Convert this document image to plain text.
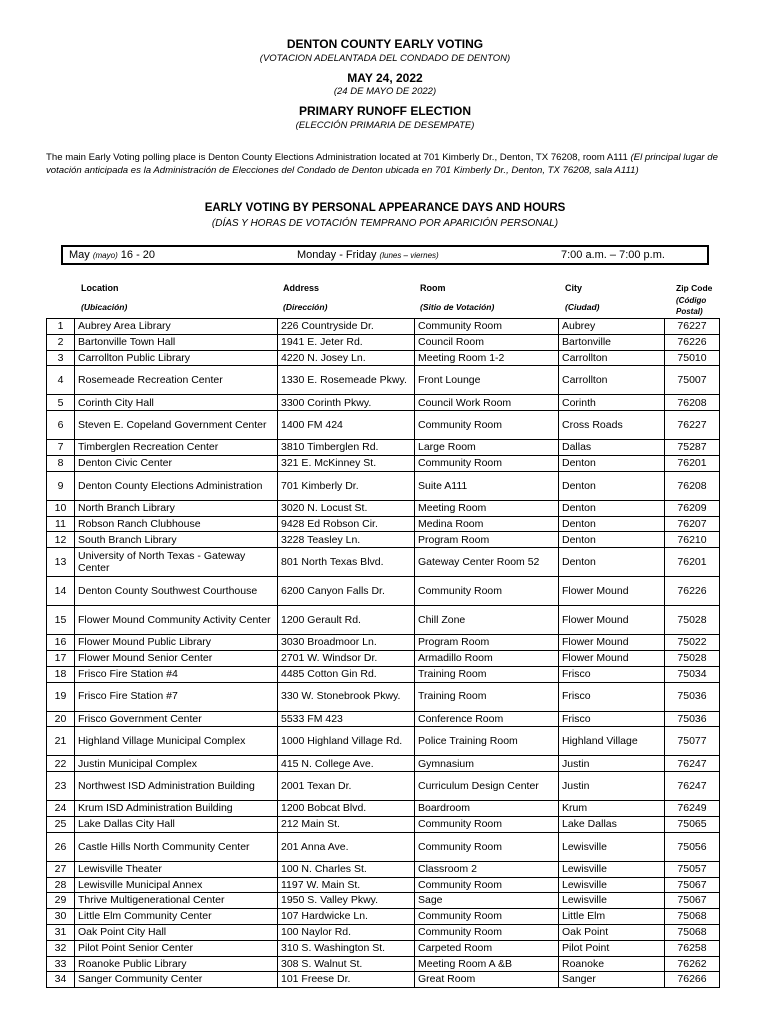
DENTON COUNTY EARLY VOTING
(VOTACION ADELANTADA DEL CONDADO DE DENTON)
MAY 24, 2022
(24 DE MAYO DE 2022)
PRIMARY RUNOFF ELECTION
(ELECCIÓN PRIMARIA DE DESEMPATE)
The main Early Voting polling place is Denton County Elections Administration located at 701 Kimberly Dr., Denton, TX 76208, room A111 (El principal lugar de votación anticipada es la Administración de Elecciones del Condado de Denton ubicada en 701 Kimberly Dr., Denton, TX 76208, sala A111)
EARLY VOTING BY PERSONAL APPEARANCE DAYS AND HOURS
(DÍAS Y HORAS DE VOTACIÓN TEMPRANO POR APARICIÓN PERSONAL)
May (mayo) 16 - 20	Monday - Friday (lunes – viernes)	7:00 a.m. – 7:00 p.m.
Location
(Ubicación)
Address
(Dirección)
Room
(Sitio de Votación)
City
(Ciudad)
Zip Code
(Código
Postal)
1	Aubrey Area Library	226 Countryside Dr.	Community Room	Aubrey	76227
2	Bartonville Town Hall	1941 E. Jeter Rd.	Council Room	Bartonville	76226
3	Carrollton Public Library	4220 N. Josey Ln.	Meeting Room 1-2	Carrollton	75010
4	Rosemeade Recreation Center	1330 E. Rosemeade Pkwy.	Front Lounge	Carrollton	75007
5	Corinth City Hall	3300 Corinth Pkwy.	Council Work Room	Corinth	76208
6	Steven E. Copeland Government Center	1400 FM 424	Community Room	Cross Roads	76227
7	Timberglen Recreation Center	3810 Timberglen Rd.	Large Room	Dallas	75287
8	Denton Civic Center	321 E. McKinney St.	Community Room	Denton	76201
9	Denton County Elections Administration	701 Kimberly Dr.	Suite A111	Denton	76208
10	North Branch Library	3020 N. Locust St.	Meeting Room	Denton	76209
11	Robson Ranch Clubhouse	9428 Ed Robson Cir.	Medina Room	Denton	76207
12	South Branch Library	3228 Teasley Ln.	Program Room	Denton	76210
13	University of North Texas - Gateway Center	801 North Texas Blvd.	Gateway Center Room 52	Denton	76201
14	Denton County Southwest Courthouse	6200 Canyon Falls Dr.	Community Room	Flower Mound	76226
15	Flower Mound Community Activity Center	1200 Gerault Rd.	Chill Zone	Flower Mound	75028
16	Flower Mound Public Library	3030 Broadmoor Ln.	Program Room	Flower Mound	75022
17	Flower Mound Senior Center	2701 W. Windsor Dr.	Armadillo Room	Flower Mound	75028
18	Frisco Fire Station #4	4485 Cotton Gin Rd.	Training Room	Frisco	75034
19	Frisco Fire Station #7	330 W. Stonebrook Pkwy.	Training Room	Frisco	75036
20	Frisco Government Center	5533 FM 423	Conference Room	Frisco	75036
21	Highland Village Municipal Complex	1000 Highland Village Rd.	Police Training Room	Highland Village	75077
22	Justin Municipal Complex	415 N. College Ave.	Gymnasium	Justin	76247
23	Northwest ISD Administration Building	2001 Texan Dr.	Curriculum Design Center	Justin	76247
24	Krum ISD Administration Building	1200 Bobcat Blvd.	Boardroom	Krum	76249
25	Lake Dallas City Hall	212 Main St.	Community Room	Lake Dallas	75065
26	Castle Hills North Community Center	201 Anna Ave.	Community Room	Lewisville	75056
27	Lewisville Theater	100 N. Charles St.	Classroom 2	Lewisville	75057
28	Lewisville Municipal Annex	1197 W. Main St.	Community Room	Lewisville	75067
29	Thrive Multigenerational Center	1950 S. Valley Pkwy.	Sage	Lewisville	75067
30	Little Elm Community Center	107 Hardwicke Ln.	Community Room	Little Elm	75068
31	Oak Point City Hall	100 Naylor Rd.	Community Room	Oak Point	75068
32	Pilot Point Senior Center	310 S. Washington St.	Carpeted Room	Pilot Point	76258
33	Roanoke Public Library	308 S. Walnut St.	Meeting Room A &B	Roanoke	76262
34	Sanger Community Center	101 Freese Dr.	Great Room	Sanger	76266
